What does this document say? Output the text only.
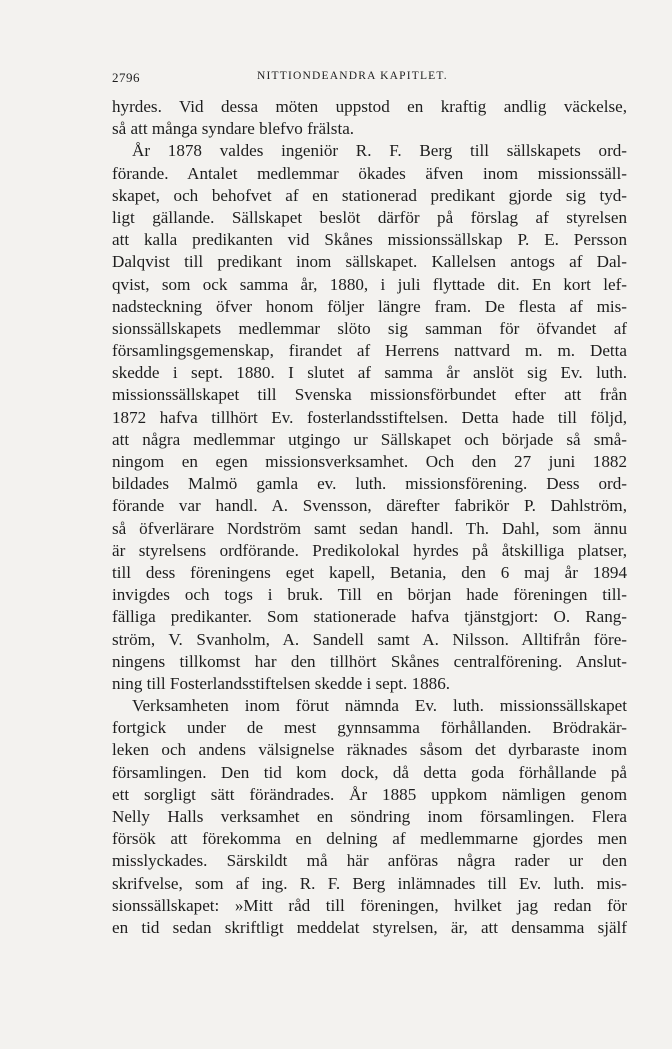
2796	NITTIONDEANDRA KAPITLET.
hyrdes. Vid dessa möten uppstod en kraftig andlig väckelse,
så att många syndare blefvo frälsta.
År 1878 valdes ingeniör R. F. Berg till sällskapets ord-
förande. Antalet medlemmar ökades äfven inom missionssäll-
skapet, och behofvet af en stationerad predikant gjorde sig tyd-
ligt gällande. Sällskapet beslöt därför på förslag af styrelsen
att kalla predikanten vid Skånes missionssällskap P. E. Persson
Dalqvist till predikant inom sällskapet. Kallelsen antogs af Dal-
qvist, som ock samma år, 1880, i juli flyttade dit. En kort lef-
nadsteckning öfver honom följer längre fram. De flesta af mis-
sionssällskapets medlemmar slöto sig samman för öfvandet af
församlingsgemenskap, firandet af Herrens nattvard m. m. Detta
skedde i sept. 1880. I slutet af samma år anslöt sig Ev. luth.
missionssällskapet till Svenska missionsförbundet efter att från
1872 hafva tillhört Ev. fosterlandsstiftelsen. Detta hade till följd,
att några medlemmar utgingo ur Sällskapet och började så små-
ningom en egen missionsverksamhet. Och den 27 juni 1882
bildades Malmö gamla ev. luth. missionsförening. Dess ord-
förande var handl. A. Svensson, därefter fabrikör P. Dahlström,
så öfverlärare Nordström samt sedan handl. Th. Dahl, som ännu
är styrelsens ordförande. Predikolokal hyrdes på åtskilliga platser,
till dess föreningens eget kapell, Betania, den 6 maj år 1894
invigdes och togs i bruk. Till en början hade föreningen till-
fälliga predikanter. Som stationerade hafva tjänstgjort: O. Rang-
ström, V. Svanholm, A. Sandell samt A. Nilsson. Alltifrån före-
ningens tillkomst har den tillhört Skånes centralförening. Anslut-
ning till Fosterlandsstiftelsen skedde i sept. 1886.
Verksamheten inom förut nämnda Ev. luth. missionssällskapet
fortgick under de mest gynnsamma förhållanden. Brödrakär-
leken och andens välsignelse räknades såsom det dyrbaraste inom
församlingen. Den tid kom dock, då detta goda förhållande på
ett sorgligt sätt förändrades. År 1885 uppkom nämligen genom
Nelly Halls verksamhet en söndring inom församlingen. Flera
försök att förekomma en delning af medlemmarne gjordes men
misslyckades. Särskildt må här anföras några rader ur den
skrifvelse, som af ing. R. F. Berg inlämnades till Ev. luth. mis-
sionssällskapet: »Mitt råd till föreningen, hvilket jag redan för
en tid sedan skriftligt meddelat styrelsen, är, att densamma själf
